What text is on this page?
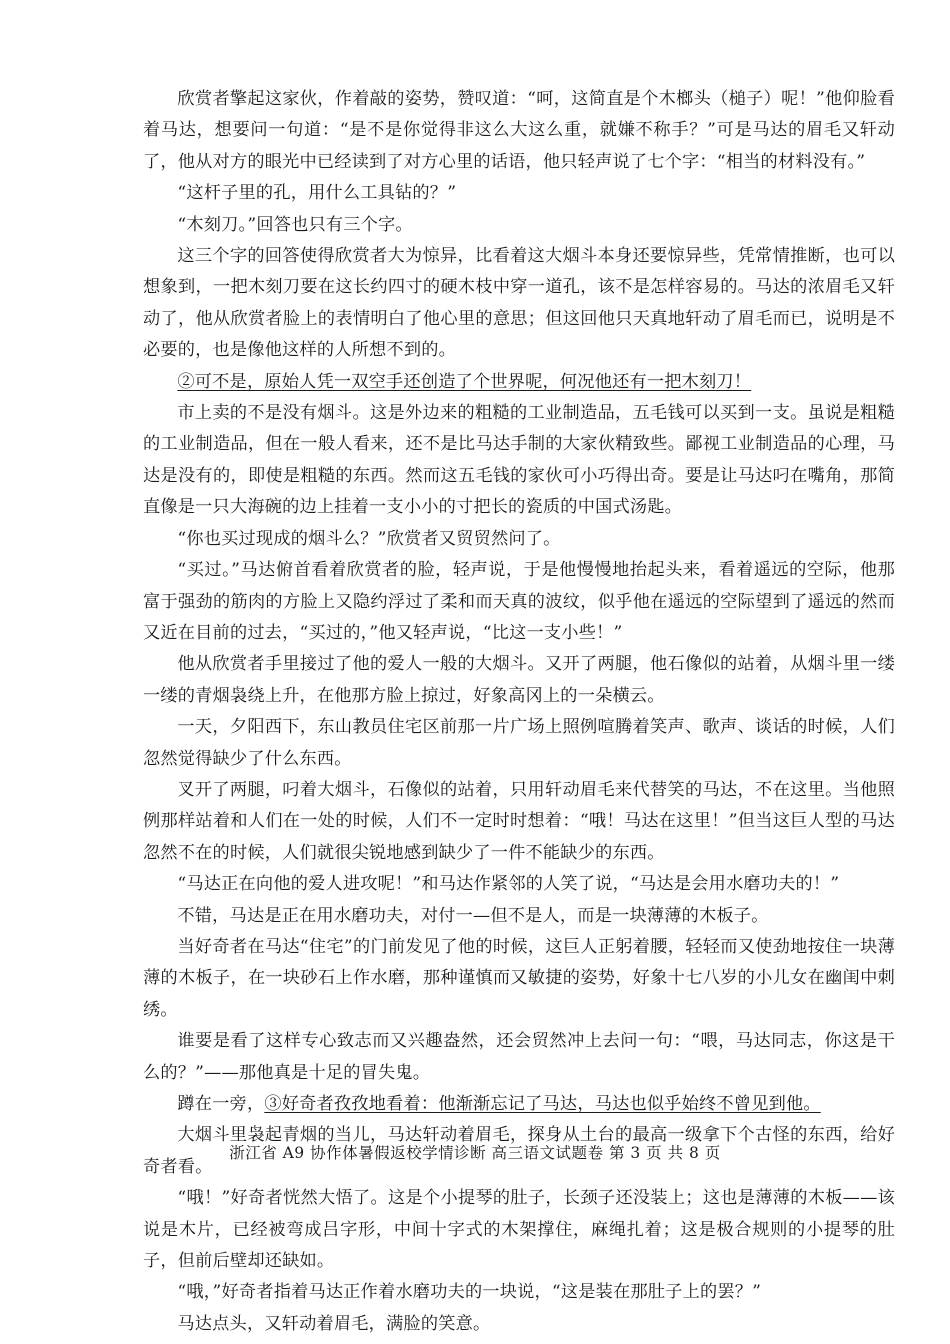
欣赏者擎起这家伙，作着敲的姿势，赞叹道：“呵，这简直是个木榔头（槌子）呢！”他仰脸看着马达，想要问一句道：“是不是你觉得非这么大这么重，就嫌不称手？”可是马达的眉毛又轩动了，他从对方的眼光中已经读到了对方心里的话语，他只轻声说了七个字：“相当的材料没有。”

“这杆子里的孔，用什么工具钻的？”

“木刻刀。”回答也只有三个字。

这三个字的回答使得欣赏者大为惊异，比看着这大烟斗本身还要惊异些，凭常情推断，也可以想象到，一把木刻刀要在这长约四寸的硬木枝中穿一道孔，该不是怎样容易的。马达的浓眉毛又轩动了，他从欣赏者脸上的表情明白了他心里的意思；但这回他只天真地轩动了眉毛而已，说明是不必要的，也是像他这样的人所想不到的。

②可不是，原始人凭一双空手还创造了个世界呢，何况他还有一把木刻刀！

市上卖的不是没有烟斗。这是外边来的粗糙的工业制造品，五毛钱可以买到一支。虽说是粗糙的工业制造品，但在一般人看来，还不是比马达手制的大家伙精致些。鄙视工业制造品的心理，马达是没有的，即使是粗糙的东西。然而这五毛钱的家伙可小巧得出奇。要是让马达叼在嘴角，那简直像是一只大海碗的边上挂着一支小小的寸把长的瓷质的中国式汤匙。

“你也买过现成的烟斗么？”欣赏者又贸贸然问了。

“买过。”马达俯首看着欣赏者的脸，轻声说，于是他慢慢地抬起头来，看着遥远的空际，他那富于强劲的筋肉的方脸上又隐约浮过了柔和而天真的波纹，似乎他在遥远的空际望到了遥远的然而又近在目前的过去，“买过的，”他又轻声说，“比这一支小些！”

他从欣赏者手里接过了他的爱人一般的大烟斗。又开了两腿，他石像似的站着，从烟斗里一缕一缕的青烟袅绕上升，在他那方脸上掠过，好象高冈上的一朵横云。

一天，夕阳西下，东山教员住宅区前那一片广场上照例喧腾着笑声、歌声、谈话的时候，人们忽然觉得缺少了什么东西。

叉开了两腿，叼着大烟斗，石像似的站着，只用轩动眉毛来代替笑的马达，不在这里。当他照例那样站着和人们在一处的时候，人们不一定时时想着：“哦！马达在这里！”但当这巨人型的马达忽然不在的时候，人们就很尖锐地感到缺少了一件不能缺少的东西。

“马达正在向他的爱人进攻呢！”和马达作紧邻的人笑了说，“马达是会用水磨功夫的！”

不错，马达是正在用水磨功夫，对付一—但不是人，而是一块薄薄的木板子。

当好奇者在马达“住宅”的门前发见了他的时候，这巨人正躬着腰，轻轻而又使劲地按住一块薄薄的木板子，在一块砂石上作水磨，那种谨慎而又敏捷的姿势，好象十七八岁的小儿女在幽闺中刺绣。

谁要是看了这样专心致志而又兴趣盎然，还会贸然冲上去问一句：“喂，马达同志，你这是干么的？”——那他真是十足的冒失鬼。

蹲在一旁，③好奇者孜孜地看着：他渐渐忘记了马达，马达也似乎始终不曾见到他。

大烟斗里袅起青烟的当儿，马达轩动着眉毛，探身从土台的最高一级拿下个古怪的东西，给好奇者看。

“哦！”好奇者恍然大悟了。这是个小提琴的肚子，长颈子还没装上；这也是薄薄的木板——该说是木片，已经被弯成吕字形，中间十字式的木架撑住，麻绳扎着；这是极合规则的小提琴的肚子，但前后壁却还缺如。

“哦，”好奇者指着马达正作着水磨功夫的一块说，“这是装在那肚子上的罢？”

马达点头，又轩动着眉毛，满脸的笑意。

浙江省 A9 协作体暑假返校学情诊断 高三语文试题卷 第 3 页 共 8 页
